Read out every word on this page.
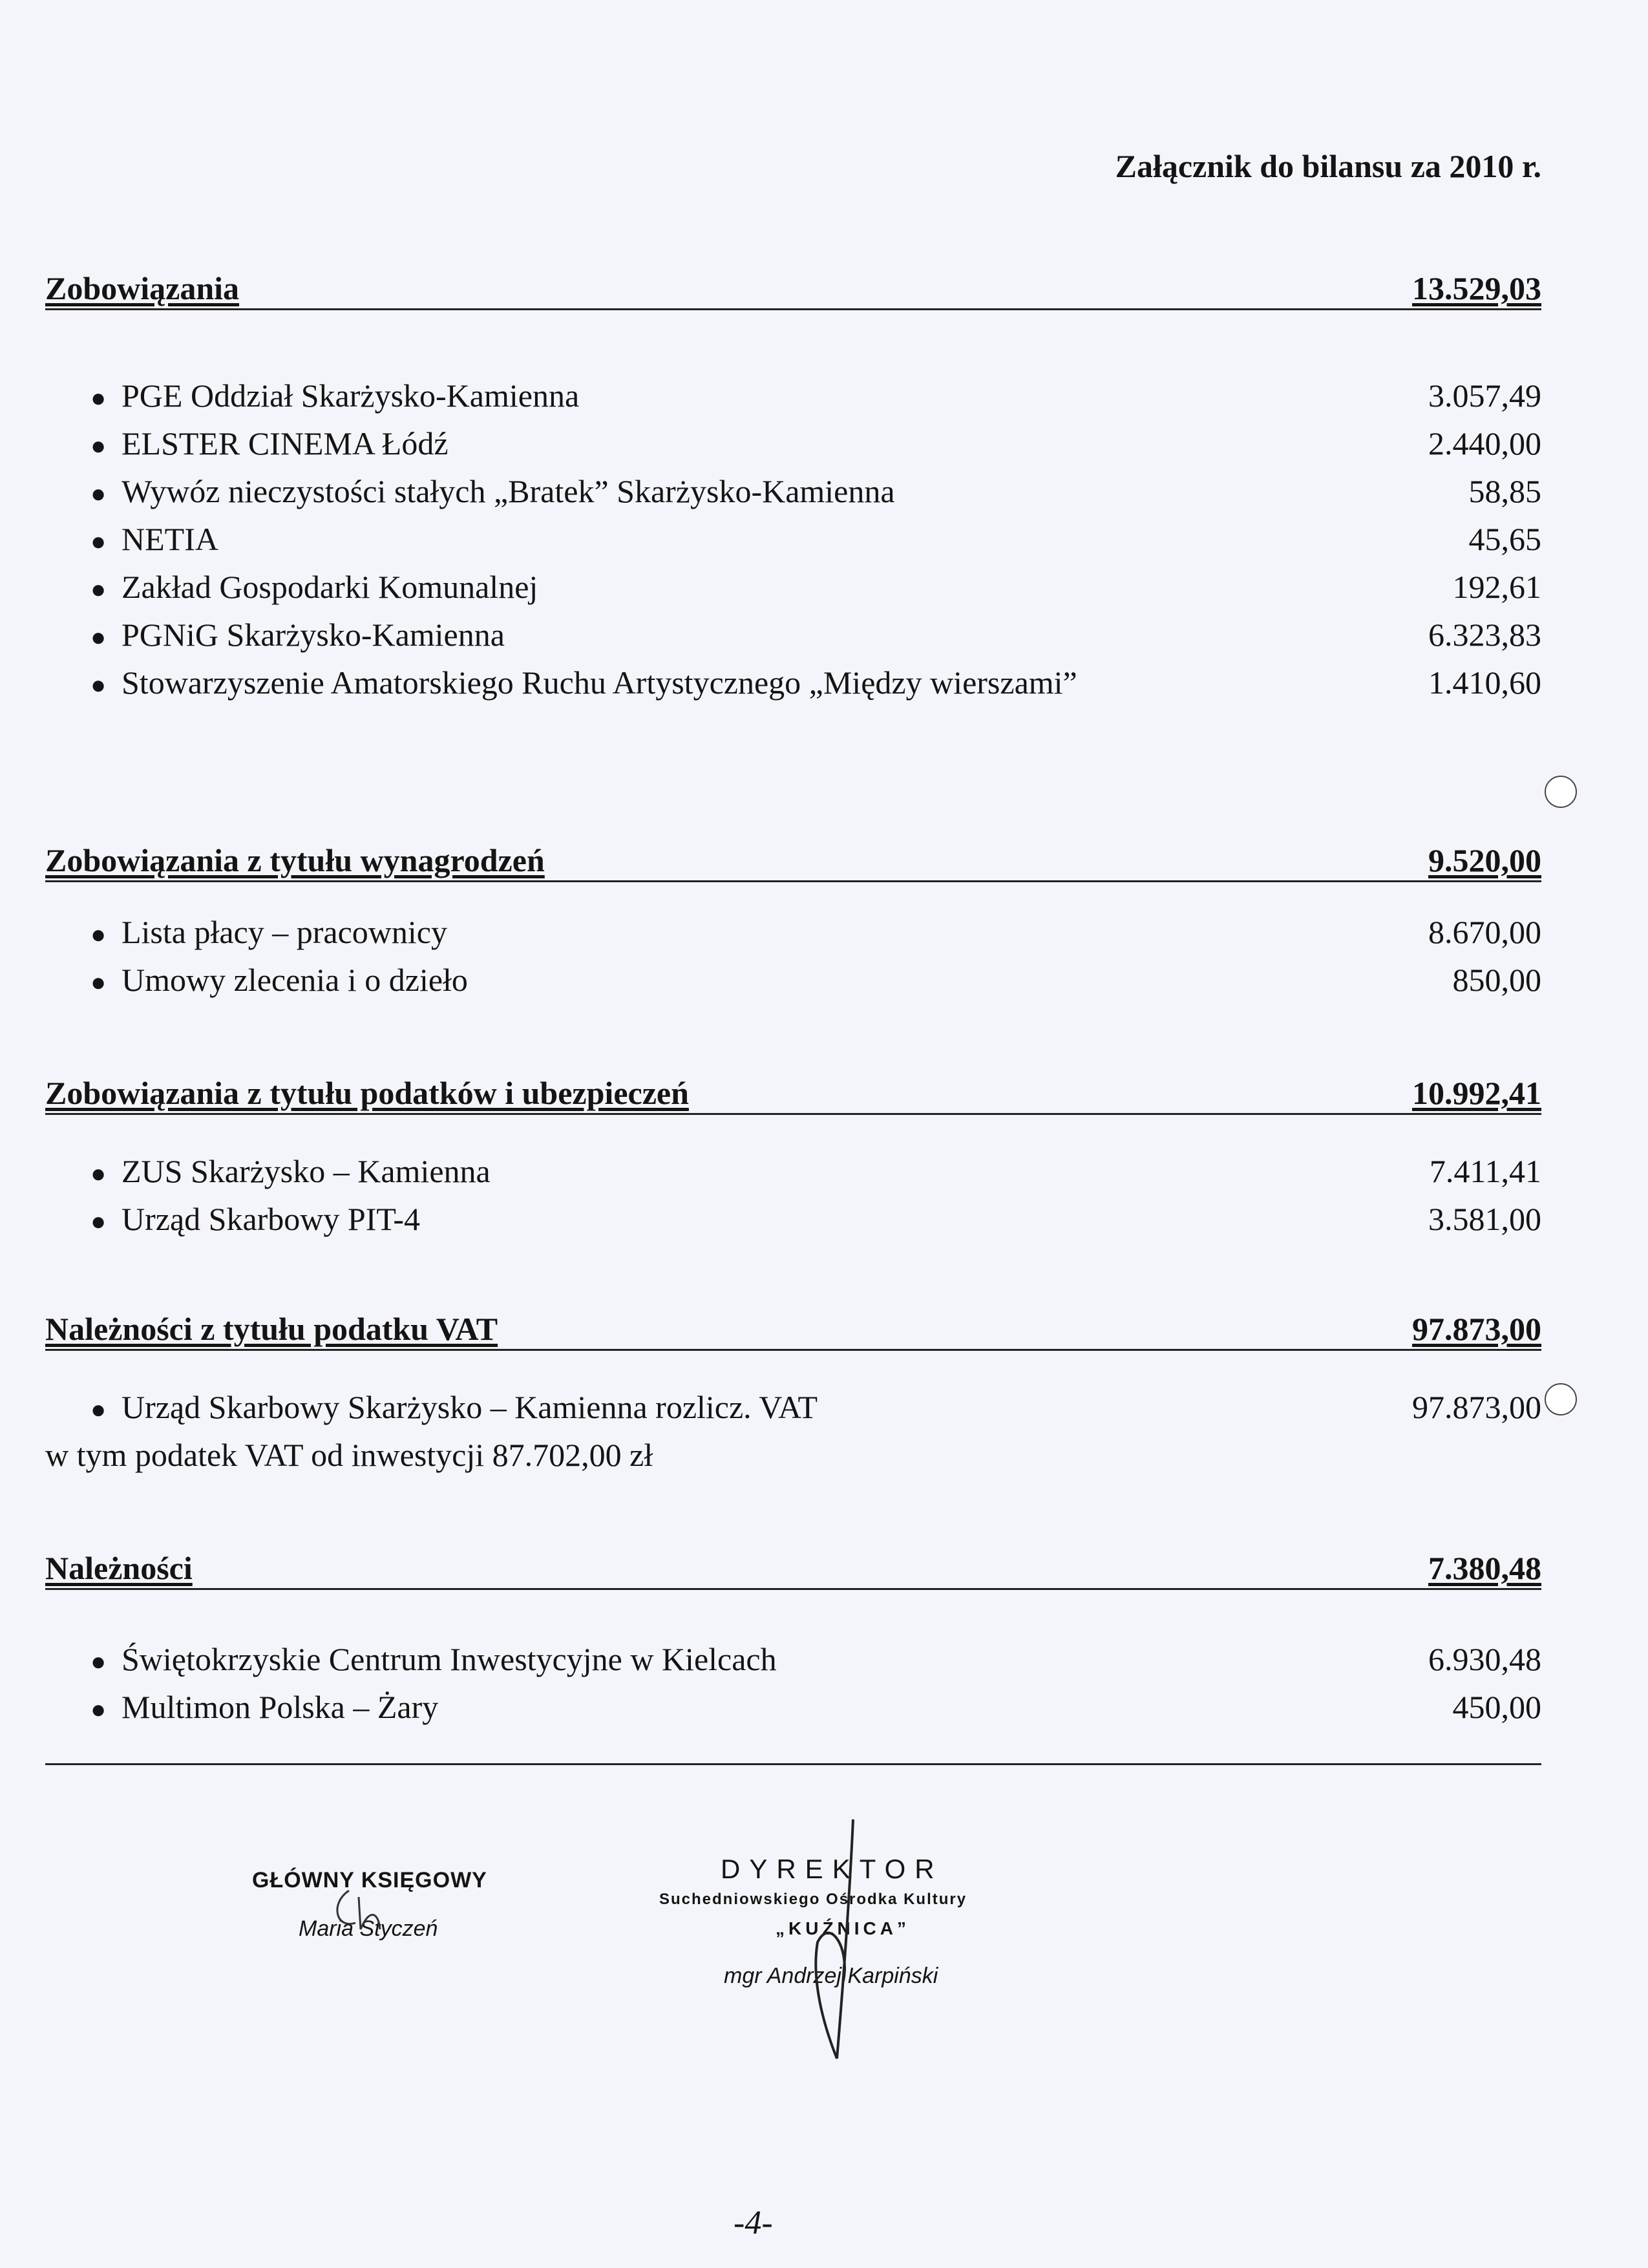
Załącznik do bilansu za 2010 r.
Zobowiązania	13.529,03
● PGE Oddział Skarżysko-Kamienna	3.057,49
● ELSTER CINEMA Łódź	2.440,00
● Wywóz nieczystości stałych „Bratek” Skarżysko-Kamienna	58,85
● NETIA	45,65
● Zakład Gospodarki Komunalnej	192,61
● PGNiG Skarżysko-Kamienna	6.323,83
● Stowarzyszenie Amatorskiego Ruchu Artystycznego „Między wierszami”	1.410,60
Zobowiązania z tytułu wynagrodzeń	9.520,00
● Lista płacy – pracownicy	8.670,00
● Umowy zlecenia i o dzieło	850,00
Zobowiązania z tytułu podatków i ubezpieczeń	10.992,41
● ZUS Skarżysko – Kamienna	7.411,41
● Urząd Skarbowy PIT-4	3.581,00
Należności z tytułu podatku VAT	97.873,00
● Urząd Skarbowy Skarżysko – Kamienna rozlicz. VAT	97.873,00
w tym podatek VAT od inwestycji 87.702,00 zł
Należności	7.380,48
● Świętokrzyskie Centrum Inwestycyjne w Kielcach	6.930,48
● Multimon Polska – Żary	450,00
GŁÓWNY KSIĘGOWY
Maria Styczeń
DYREKTOR
Suchedniowskiego Ośrodka Kultury
„KUŹNICA”
mgr Andrzej Karpiński
-4-
